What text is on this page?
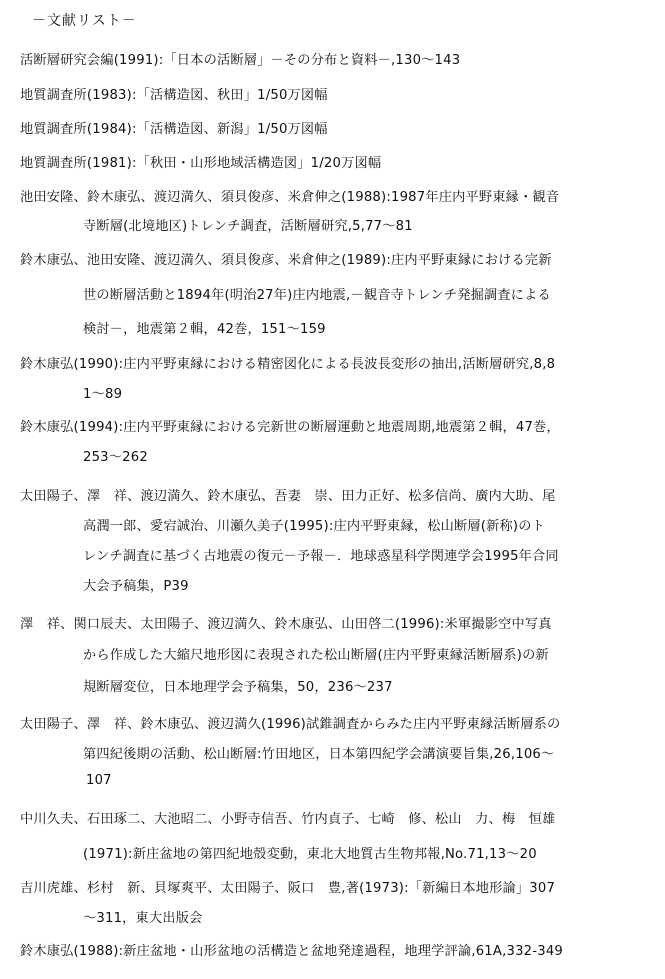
－文献リスト－
活断層研究会編(1991):「日本の活断層」－その分布と資料－,130～143
地質調査所(1983):「活構造図、秋田」1/50万図幅
地質調査所(1984):「活構造図、新潟」1/50万図幅
地質調査所(1981):「秋田・山形地域活構造図」1/20万図幅
池田安隆、鈴木康弘、渡辺満久、須貝俊彦、米倉伸之(1988):1987年庄内平野東縁・観音
寺断層(北境地区)トレンチ調査，活断層研究,5,77～81
鈴木康弘、池田安隆、渡辺満久、須貝俊彦、米倉伸之(1989):庄内平野東縁における完新
世の断層活動と1894年(明治27年)庄内地震,－観音寺トレンチ発掘調査による
検討－，地震第２輯，42巻，151～159
鈴木康弘(1990):庄内平野東縁における精密図化による長波長変形の抽出,活断層研究,8,8
1～89
鈴木康弘(1994):庄内平野東縁における完新世の断層運動と地震周期,地震第２輯，47巻，
253～262
太田陽子、澤　祥、渡辺満久、鈴木康弘、吾妻　崇、田力正好、松多信尚、廣内大助、尾
高潤一郎、愛宕誠治、川瀬久美子(1995):庄内平野東縁，松山断層(新称)のト
レンチ調査に基づく古地震の復元－予報－．地球惑星科学関連学会1995年合同
大会予稿集，P39
澤　祥、関口辰夫、太田陽子、渡辺満久、鈴木康弘、山田啓二(1996):米軍撮影空中写真
から作成した大縮尺地形図に表現された松山断層(庄内平野東縁活断層系)の新
規断層変位，日本地理学会予稿集，50，236～237
太田陽子、澤　祥、鈴木康弘、渡辺満久(1996)試錐調査からみた庄内平野東縁活断層系の
第四紀後期の活動、松山断層:竹田地区，日本第四紀学会講演要旨集,26,106～
107
中川久夫、石田琢二、大池昭二、小野寺信吾、竹内貞子、七崎　修、松山　力、梅　恒雄
(1971):新庄盆地の第四紀地殻変動，東北大地質古生物邦報,No.71,13～20
吉川虎雄、杉村　新、貝塚爽平、太田陽子、阪口　豊,著(1973):「新編日本地形論」307
～311，東大出版会
鈴木康弘(1988):新庄盆地・山形盆地の活構造と盆地発達過程，地理学評論,61A,332-349
